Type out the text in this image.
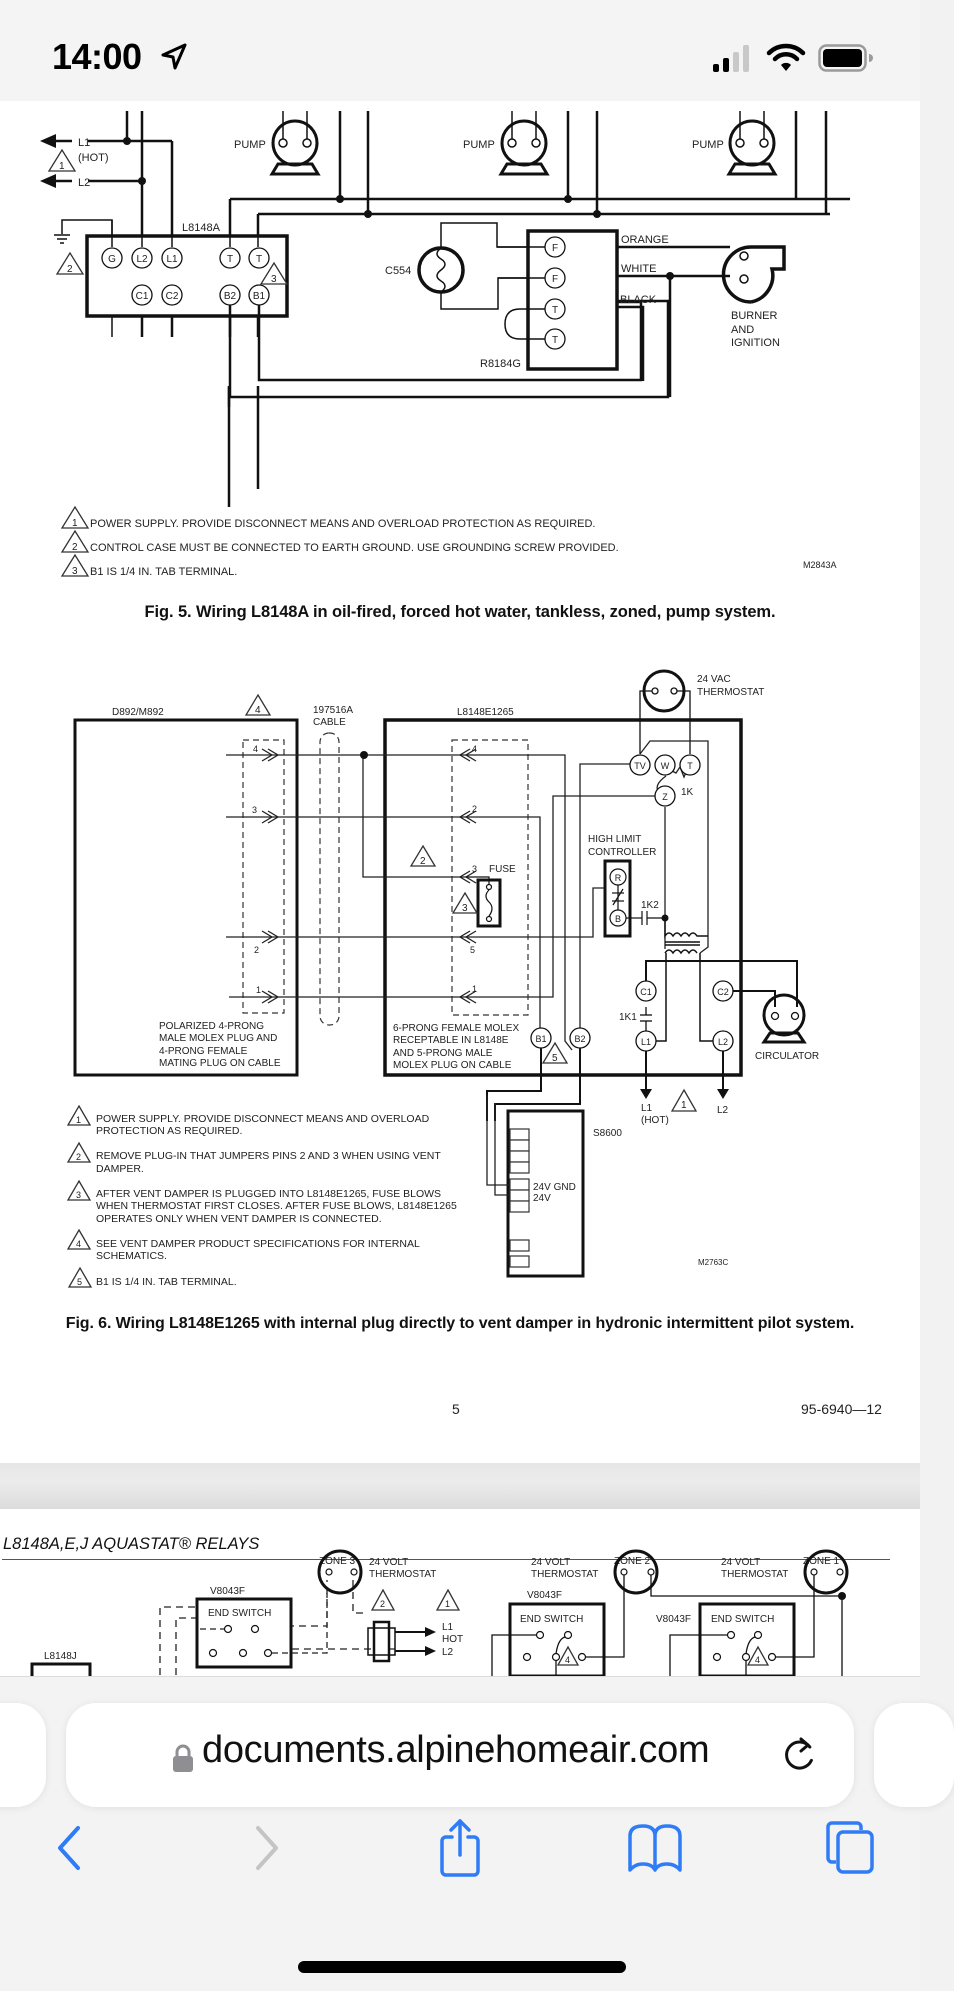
14:00
L1
(HOT)
L2
1
PUMP	PUMP	PUMP
2
L8148A
G L2 L1	T T
C1 C2	B2 B1
3
C554
F
F
T
T
R8184G
ORANGE
WHITE
BLACK
BURNER
AND
IGNITION
1 POWER SUPPLY. PROVIDE DISCONNECT MEANS AND OVERLOAD PROTECTION AS REQUIRED.
2 CONTROL CASE MUST BE CONNECTED TO EARTH GROUND. USE GROUNDING SCREW PROVIDED.
3 B1 IS 1/4 IN. TAB TERMINAL.
M2843A
Fig. 5. Wiring L8148A in oil-fired, forced hot water, tankless, zoned, pump system.
D892/M892	4	197516A
CABLE
L8148E1265
4
3
2
1
2
4
2
3
5
1
FUSE
3
24 VAC
THERMOSTAT
TV W T
Z 1K
HIGH LIMIT
CONTROLLER
R
B
1K2
1K1
C1	C2
L1	L2
B1	B2
5	CIRCULATOR
L1
(HOT)
L2
1
POLARIZED 4-PRONG
MALE MOLEX PLUG AND
4-PRONG FEMALE
MATING PLUG ON CABLE
6-PRONG FEMALE MOLEX
RECEPTABLE IN L8148E
AND 5-PRONG MALE
MOLEX PLUG ON CABLE
24V GND
24V
S8600
M2763C
1 POWER SUPPLY. PROVIDE DISCONNECT MEANS AND OVERLOAD
PROTECTION AS REQUIRED.
2 REMOVE PLUG-IN THAT JUMPERS PINS 2 AND 3 WHEN USING VENT
DAMPER.
3 AFTER VENT DAMPER IS PLUGGED INTO L8148E1265, FUSE BLOWS
WHEN THERMOSTAT FIRST CLOSES. AFTER FUSE BLOWS, L8148E1265
OPERATES ONLY WHEN VENT DAMPER IS CONNECTED.
4 SEE VENT DAMPER PRODUCT SPECIFICATIONS FOR INTERNAL
SCHEMATICS.
5 B1 IS 1/4 IN. TAB TERMINAL.
Fig. 6. Wiring L8148E1265 with internal plug directly to vent damper in hydronic intermittent pilot system.
5	95-6940—12
L8148A,E,J AQUASTAT® RELAYS
L8148J
V8043F
END SWITCH
ZONE 3 24 VOLT
THERMOSTAT
2	1
L1
HOT
L2
ZONE 2
24 VOLT
THERMOSTAT
V8043F
END SWITCH
4
ZONE 1
24 VOLT
THERMOSTAT
V8043F END SWITCH
4
documents.alpinehomeair.com
